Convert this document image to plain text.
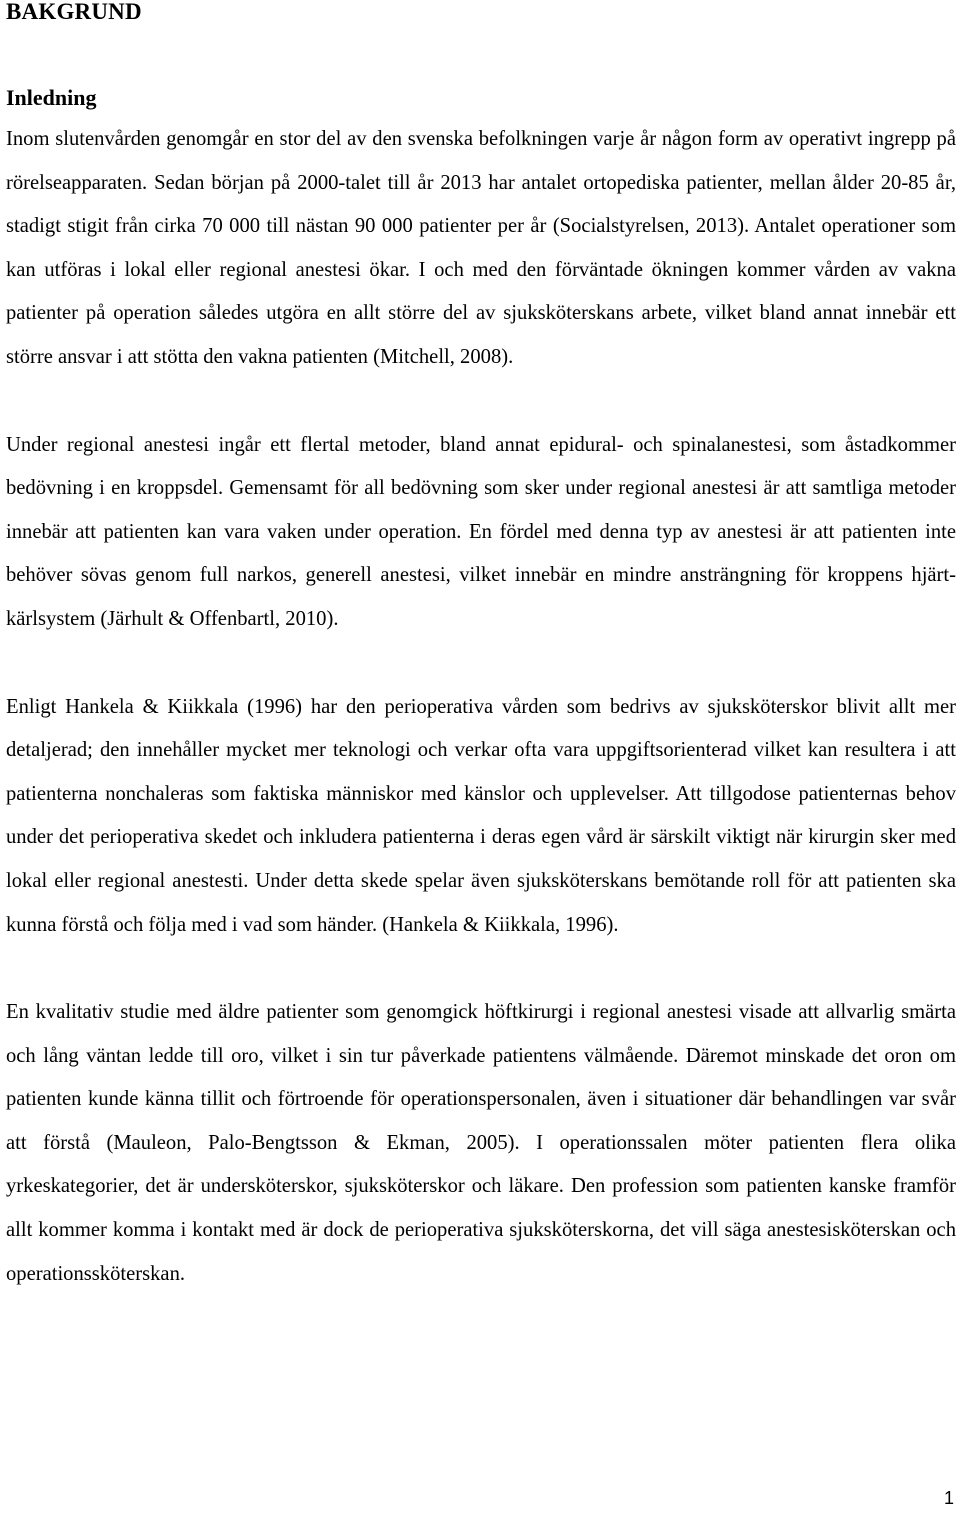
BAKGRUND
Inledning

Inom slutenvården genomgår en stor del av den svenska befolkningen varje år någon form av operativt ingrepp på rörelseapparaten. Sedan början på 2000-talet till år 2013 har antalet ortopediska patienter, mellan ålder 20-85 år, stadigt stigit från cirka 70 000 till nästan 90 000 patienter per år (Socialstyrelsen, 2013). Antalet operationer som kan utföras i lokal eller regional anestesi ökar. I och med den förväntade ökningen kommer vården av vakna patienter på operation således utgöra en allt större del av sjuksköterskans arbete, vilket bland annat innebär ett större ansvar i att stötta den vakna patienten (Mitchell, 2008).

Under regional anestesi ingår ett flertal metoder, bland annat epidural- och spinalanestesi, som åstadkommer bedövning i en kroppsdel. Gemensamt för all bedövning som sker under regional anestesi är att samtliga metoder innebär att patienten kan vara vaken under operation. En fördel med denna typ av anestesi är att patienten inte behöver sövas genom full narkos, generell anestesi, vilket innebär en mindre ansträngning för kroppens hjärt-kärlsystem (Järhult & Offenbartl, 2010).

Enligt Hankela & Kiikkala (1996) har den perioperativa vården som bedrivs av sjuksköterskor blivit allt mer detaljerad; den innehåller mycket mer teknologi och verkar ofta vara uppgiftsorienterad vilket kan resultera i att patienterna nonchaleras som faktiska människor med känslor och upplevelser. Att tillgodose patienternas behov under det perioperativa skedet och inkludera patienterna i deras egen vård är särskilt viktigt när kirurgin sker med lokal eller regional anestesti. Under detta skede spelar även sjuksköterskans bemötande roll för att patienten ska kunna förstå och följa med i vad som händer. (Hankela & Kiikkala, 1996).

En kvalitativ studie med äldre patienter som genomgick höftkirurgi i regional anestesi visade att allvarlig smärta och lång väntan ledde till oro, vilket i sin tur påverkade patientens välmående. Däremot minskade det oron om patienten kunde känna tillit och förtroende för operationspersonalen, även i situationer där behandlingen var svår att förstå (Mauleon, Palo-Bengtsson & Ekman, 2005). I operationssalen möter patienten flera olika yrkeskategorier, det är undersköterskor, sjuksköterskor och läkare. Den profession som patienten kanske framför allt kommer komma i kontakt med är dock de perioperativa sjuksköterskorna, det vill säga anestesisköterskan och operationssköterskan.

1
